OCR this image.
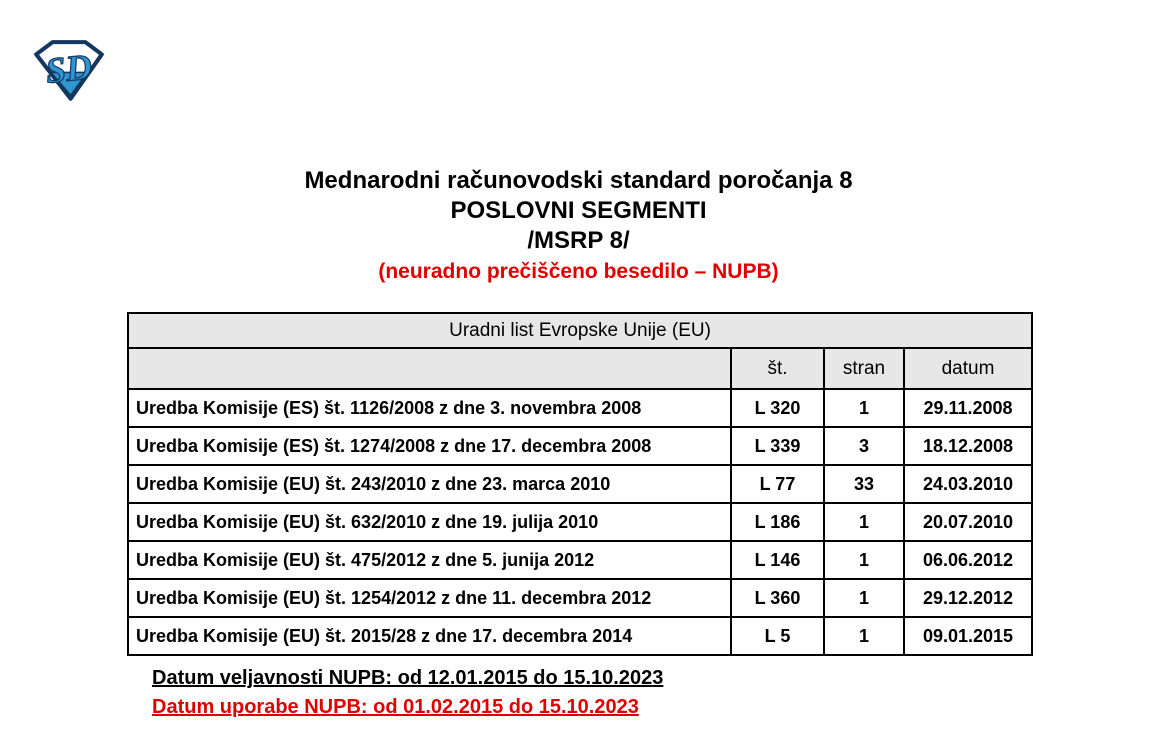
SD
Mednarodni računovodski standard poročanja 8
POSLOVNI SEGMENTI
/MSRP 8/
(neuradno prečiščeno besedilo – NUPB)
Uradni list Evropske Unije (EU)			
	št.	stran	datum
Uredba Komisije (ES) št. 1126/2008 z dne 3. novembra 2008	L 320	1	29.11.2008
Uredba Komisije (ES) št. 1274/2008 z dne 17. decembra 2008	L 339	3	18.12.2008
Uredba Komisije (EU) št. 243/2010 z dne 23. marca 2010	L 77	33	24.03.2010
Uredba Komisije (EU) št. 632/2010 z dne 19. julija 2010	L 186	1	20.07.2010
Uredba Komisije (EU) št. 475/2012 z dne 5. junija 2012	L 146	1	06.06.2012
Uredba Komisije (EU) št. 1254/2012 z dne 11. decembra 2012	L 360	1	29.12.2012
Uredba Komisije (EU) št. 2015/28 z dne 17. decembra 2014	L 5	1	09.01.2015
Datum veljavnosti NUPB: od 12.01.2015 do 15.10.2023
Datum uporabe NUPB: od 01.02.2015 do 15.10.2023
